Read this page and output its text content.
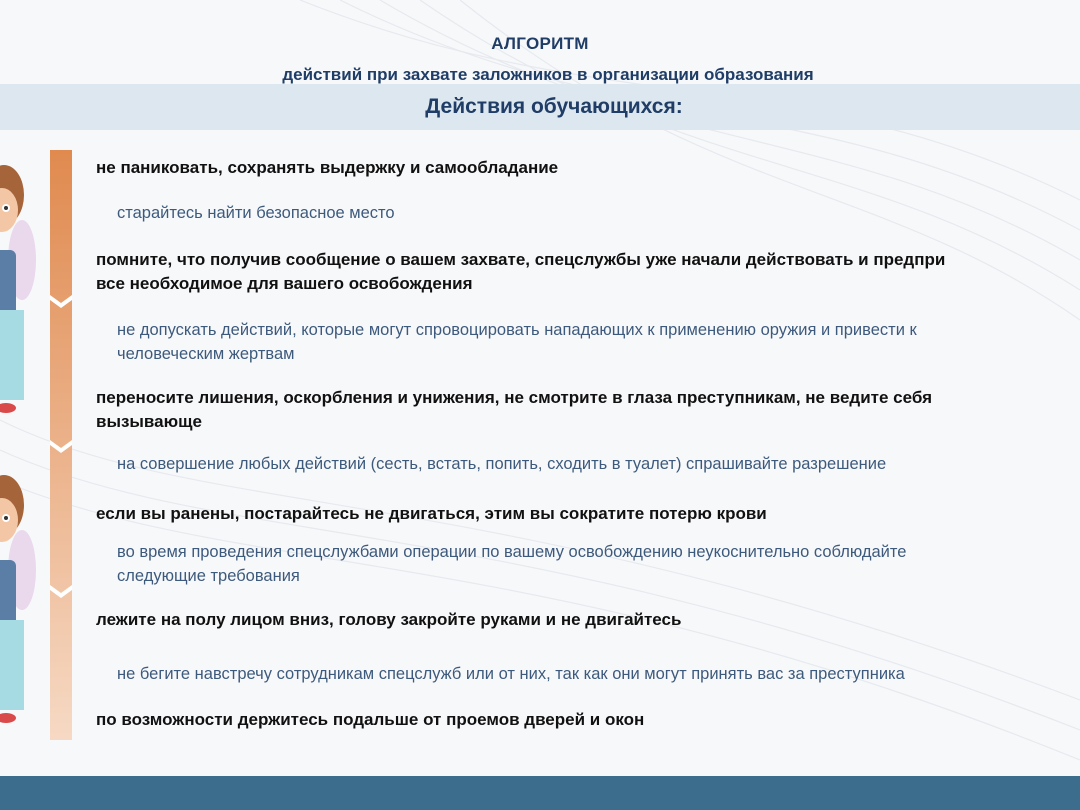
АЛГОРИТМ
действий при захвате заложников в организации образования
Действия обучающихся:
не паниковать, сохранять выдержку и самообладание
старайтесь найти безопасное место
помните, что получив сообщение о вашем захвате, спецслужбы уже начали действовать и предпри
все необходимое для вашего освобождения
не допускать действий, которые могут спровоцировать нападающих к применению оружия и привести к
человеческим жертвам
переносите лишения, оскорбления и унижения, не смотрите в глаза преступникам, не ведите себя
вызывающе
на совершение любых действий (сесть, встать, попить, сходить в туалет) спрашивайте разрешение
если вы ранены, постарайтесь не двигаться, этим вы сократите потерю крови
во время проведения спецслужбами операции по вашему освобождению неукоснительно соблюдайте
следующие требования
лежите на полу лицом вниз, голову закройте руками и не двигайтесь
не бегите навстречу сотрудникам спецслужб или от них, так как они могут принять вас за преступника
по возможности держитесь подальше от проемов дверей и окон
